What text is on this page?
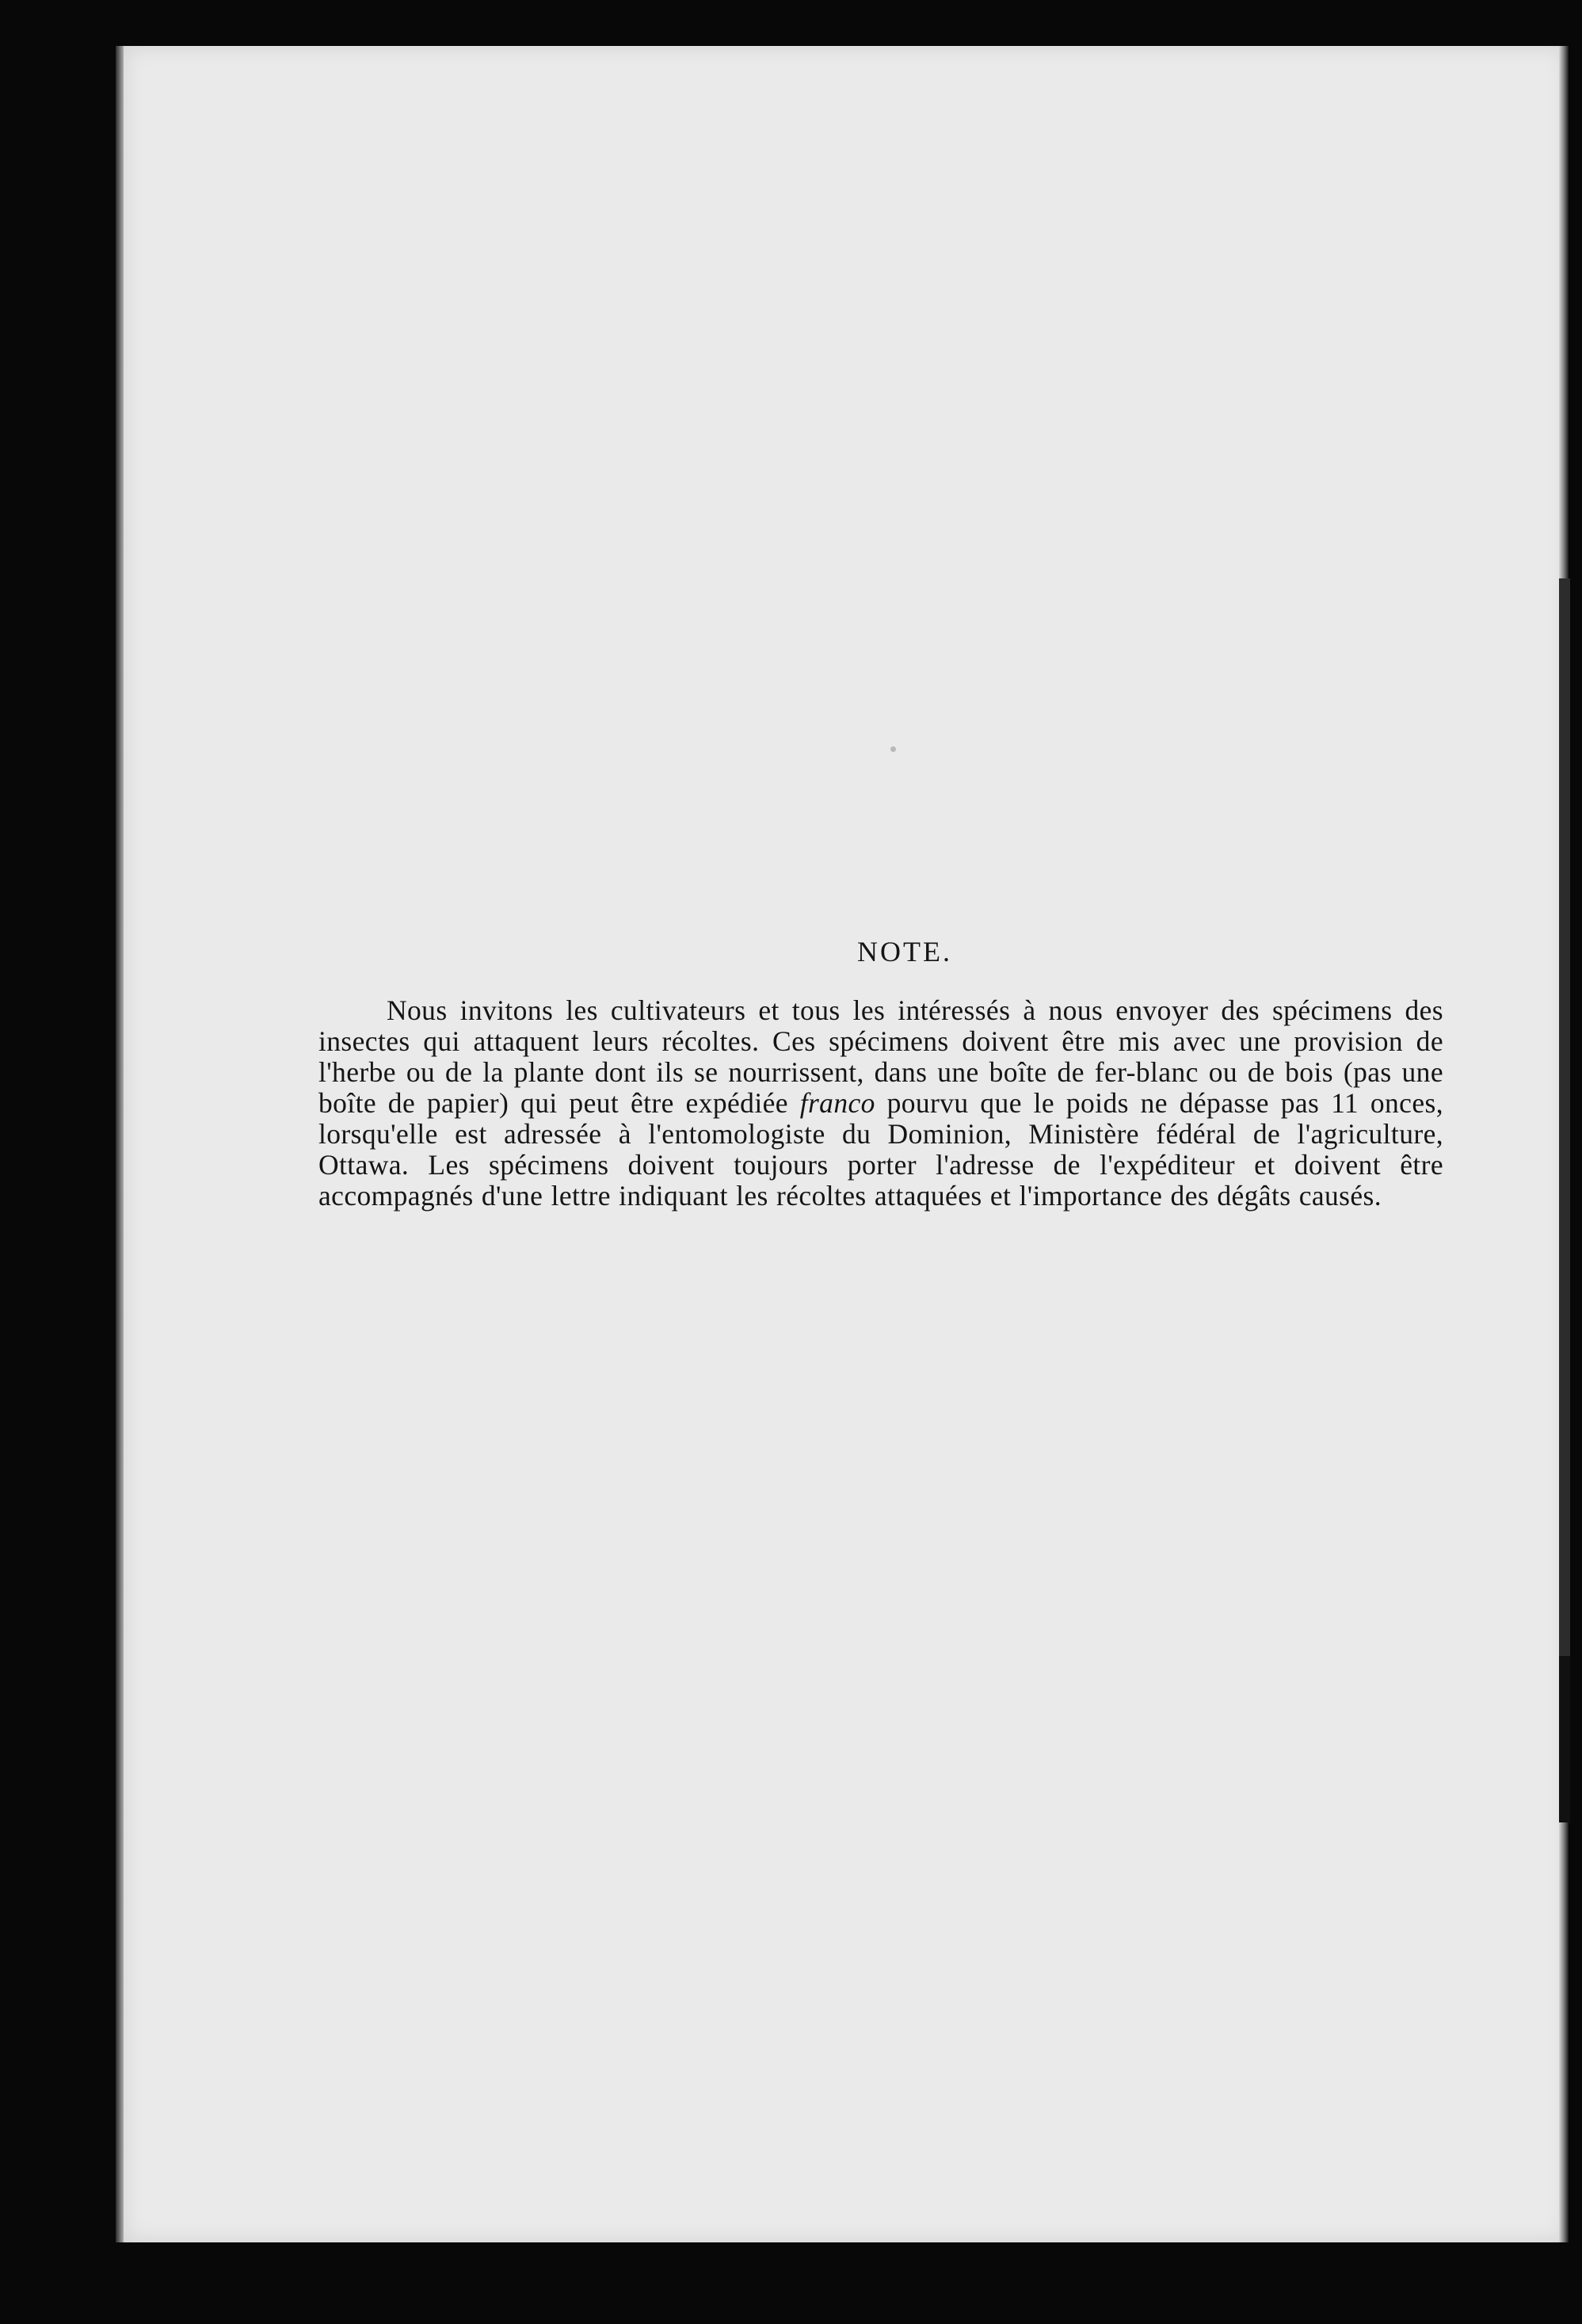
NOTE.

Nous invitons les cultivateurs et tous les intéressés à nous envoyer des spécimens des insectes qui attaquent leurs récoltes. Ces spécimens doivent être mis avec une provision de l'herbe ou de la plante dont ils se nourrissent, dans une boîte de fer-blanc ou de bois (pas une boîte de papier) qui peut être expédiée franco pourvu que le poids ne dépasse pas 11 onces, lorsqu'elle est adressée à l'entomologiste du Dominion, Ministère fédéral de l'agriculture, Ottawa. Les spécimens doivent toujours porter l'adresse de l'expéditeur et doivent être accompagnés d'une lettre indiquant les récoltes attaquées et l'importance des dégâts causés.
